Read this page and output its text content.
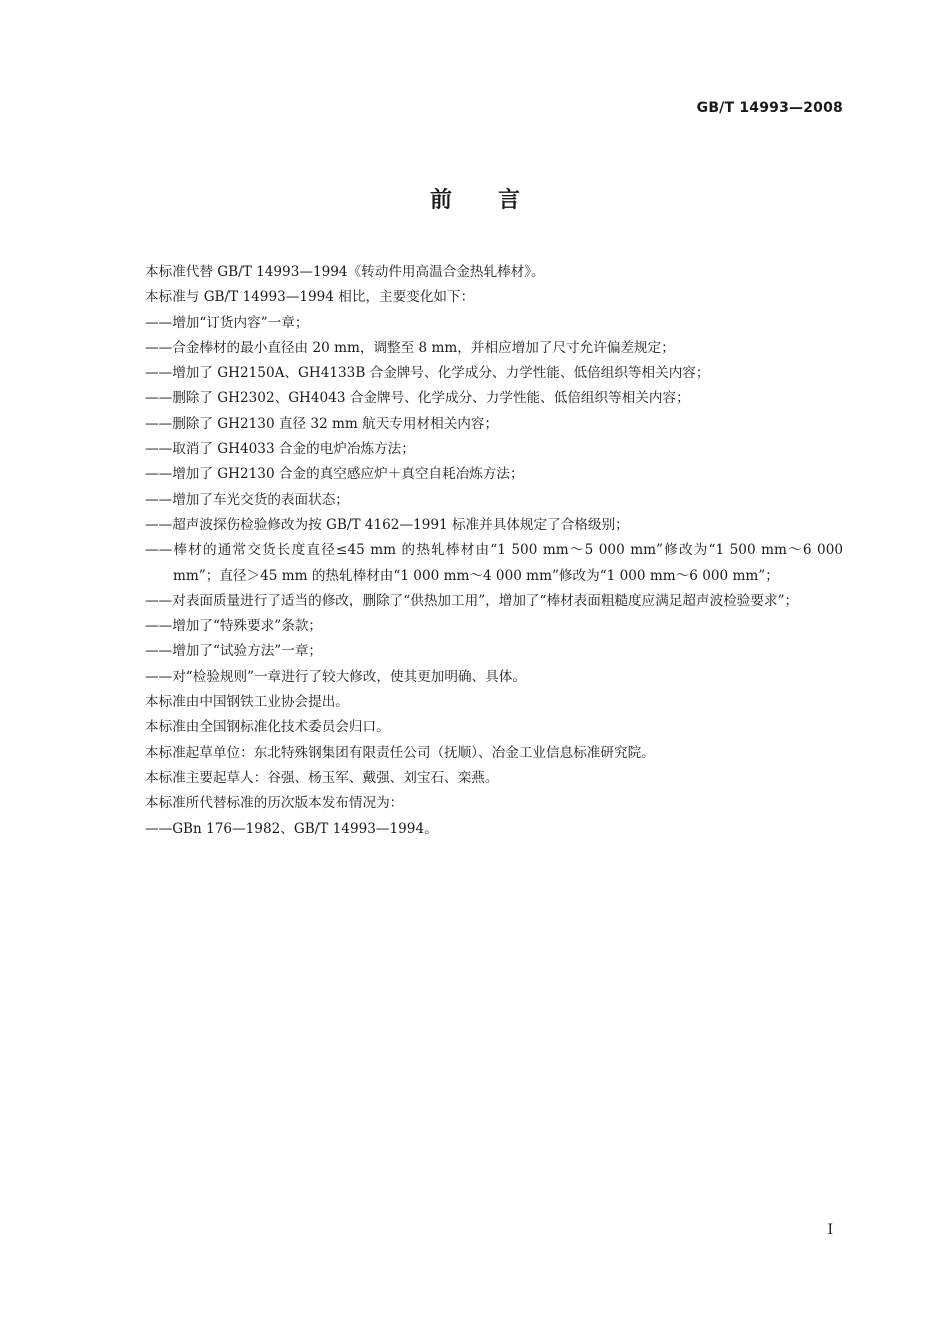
GB/T 14993—2008
前言

本标准代替 GB/T 14993—1994《转动件用高温合金热轧棒材》。

本标准与 GB/T 14993—1994 相比，主要变化如下：

——增加“订货内容”一章；

——合金棒材的最小直径由 20 mm，调整至 8 mm，并相应增加了尺寸允许偏差规定；

——增加了 GH2150A、GH4133B 合金牌号、化学成分、力学性能、低倍组织等相关内容；

——删除了 GH2302、GH4043 合金牌号、化学成分、力学性能、低倍组织等相关内容；

——删除了 GH2130 直径 32 mm 航天专用材相关内容；

——取消了 GH4033 合金的电炉冶炼方法；

——增加了 GH2130 合金的真空感应炉＋真空自耗冶炼方法；

——增加了车光交货的表面状态；

——超声波探伤检验修改为按 GB/T 4162—1991 标准并具体规定了合格级别；

——棒材的通常交货长度直径≤45 mm 的热轧棒材由“1 500 mm～5 000 mm”修改为“1 500 mm～6 000 mm”；直径＞45 mm 的热轧棒材由“1 000 mm～4 000 mm”修改为“1 000 mm～6 000 mm”；

——对表面质量进行了适当的修改，删除了“供热加工用”，增加了“棒材表面粗糙度应满足超声波检验要求”；

——增加了“特殊要求”条款；

——增加了“试验方法”一章；

——对“检验规则”一章进行了较大修改，使其更加明确、具体。

本标准由中国钢铁工业协会提出。

本标准由全国钢标准化技术委员会归口。

本标准起草单位：东北特殊钢集团有限责任公司（抚顺）、冶金工业信息标准研究院。

本标准主要起草人：谷强、杨玉军、戴强、刘宝石、栾燕。

本标准所代替标准的历次版本发布情况为：

——GBn 176—1982、GB/T 14993—1994。

I
